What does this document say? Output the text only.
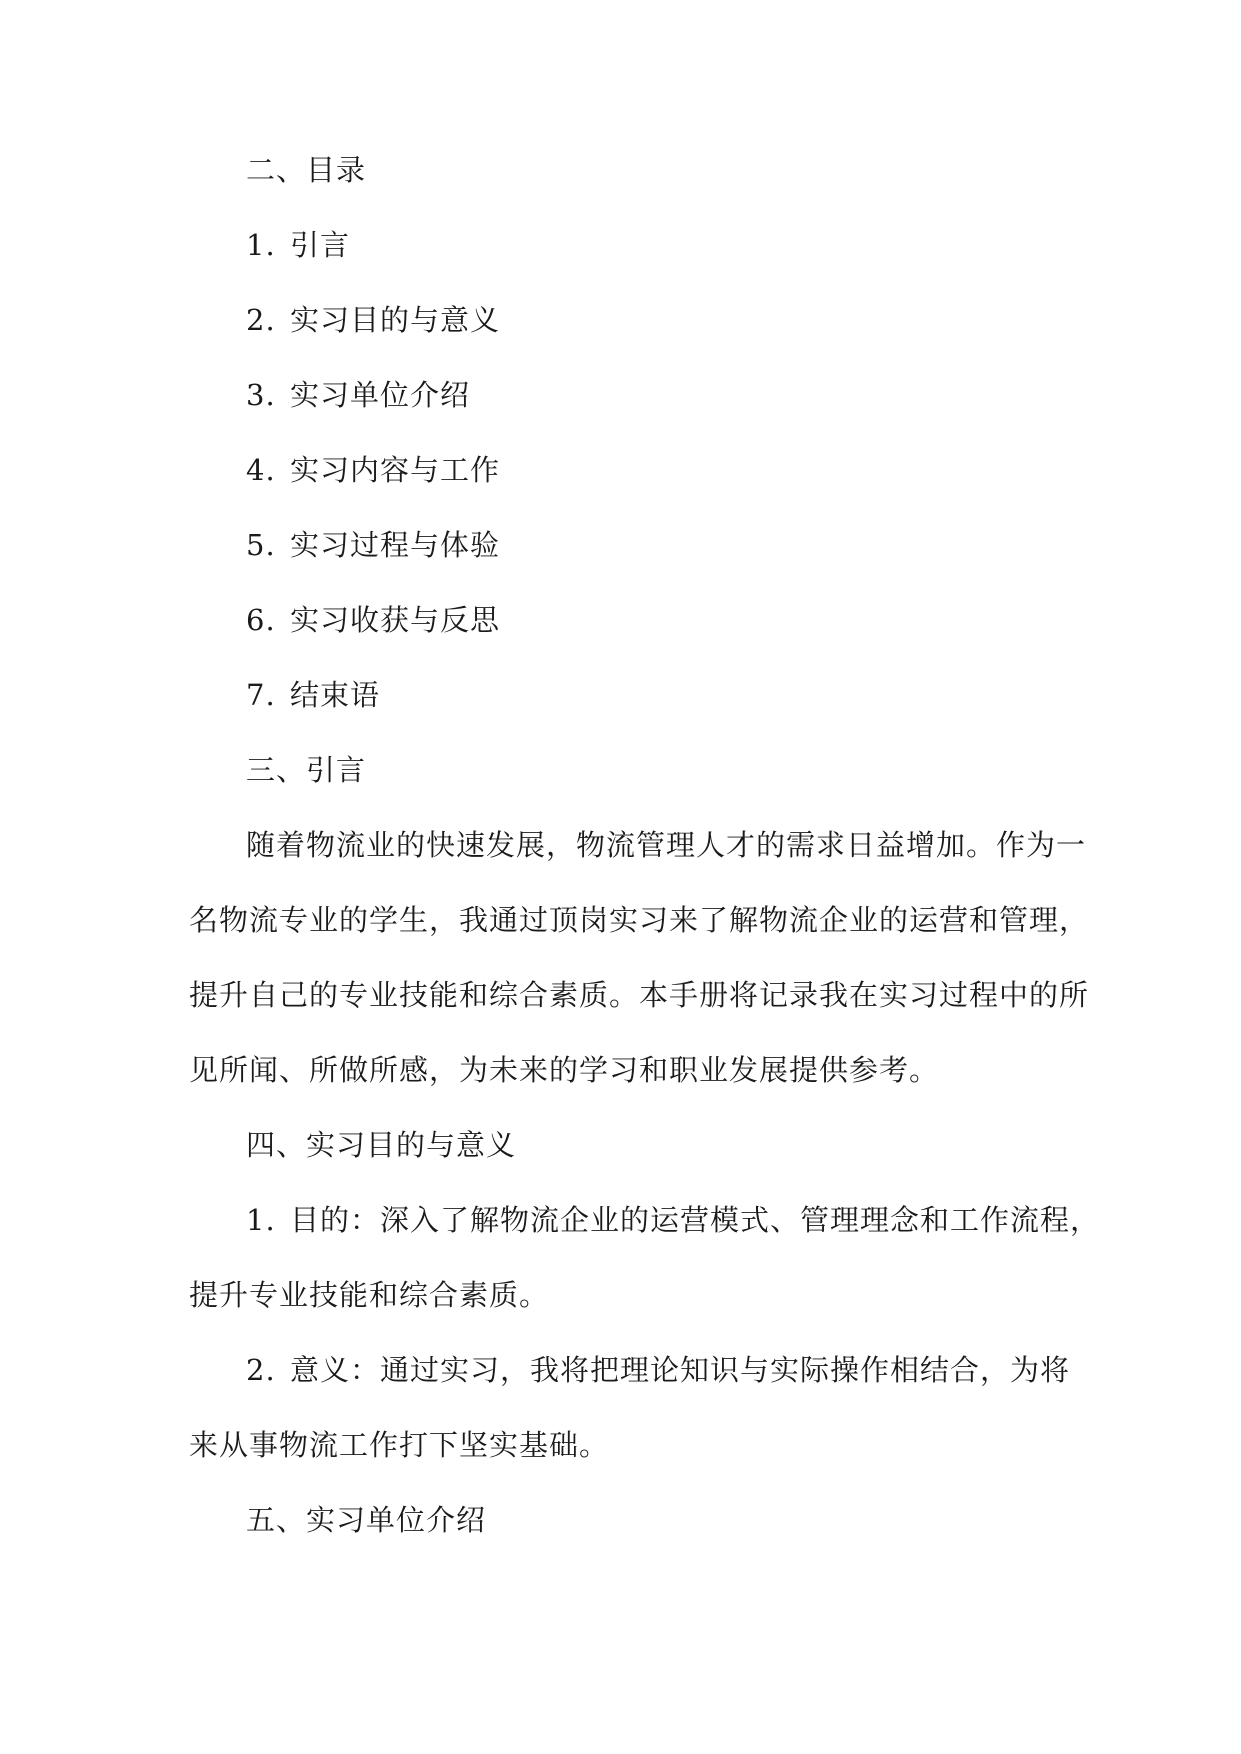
二、目录
1. 引言
2. 实习目的与意义
3. 实习单位介绍
4. 实习内容与工作
5. 实习过程与体验
6. 实习收获与反思
7. 结束语
三、引言
随着物流业的快速发展，物流管理人才的需求日益增加。作为一
名物流专业的学生，我通过顶岗实习来了解物流企业的运营和管理，
提升自己的专业技能和综合素质。本手册将记录我在实习过程中的所
见所闻、所做所感，为未来的学习和职业发展提供参考。
四、实习目的与意义
1. 目的：深入了解物流企业的运营模式、管理理念和工作流程，
提升专业技能和综合素质。
2. 意义：通过实习，我将把理论知识与实际操作相结合，为将
来从事物流工作打下坚实基础。
五、实习单位介绍
